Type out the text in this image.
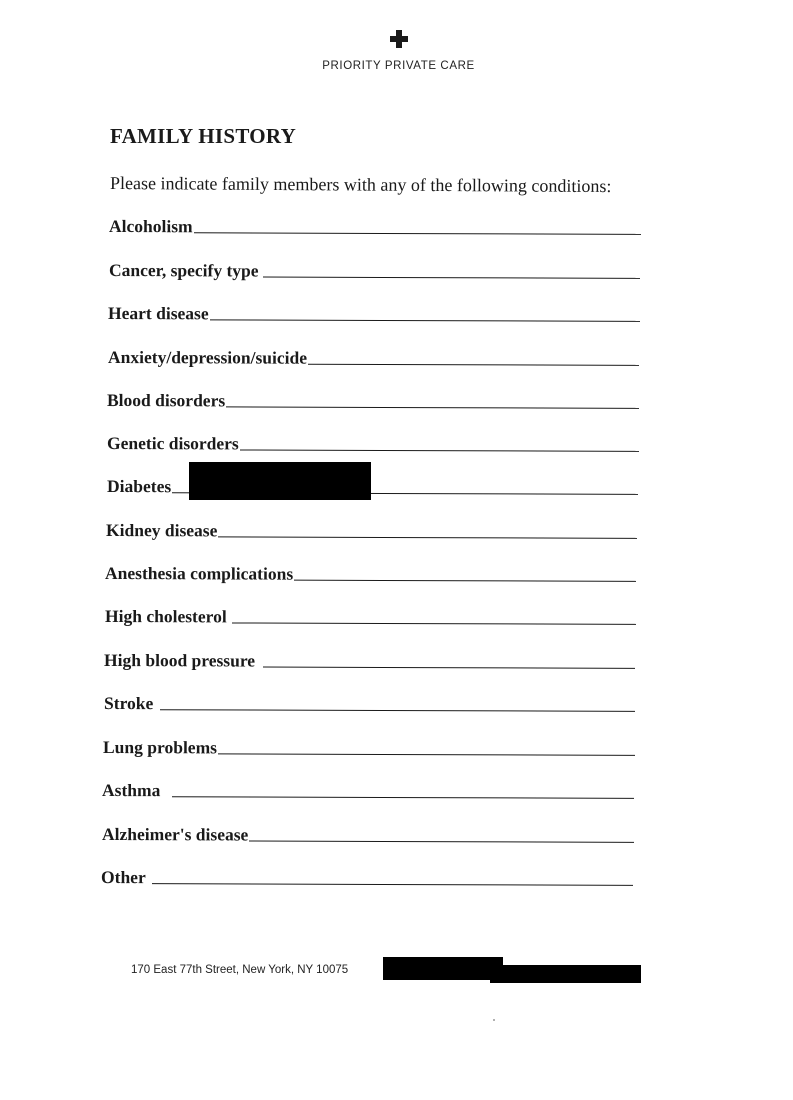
PRIORITY PRIVATE CARE
FAMILY HISTORY
Please indicate family members with any of the following conditions:
Alcoholism
Cancer, specify type
Heart disease
Anxiety/depression/suicide
Blood disorders
Genetic disorders
Diabetes
Kidney disease
Anesthesia complications
High cholesterol
High blood pressure
Stroke
Lung problems
Asthma
Alzheimer's disease
Other
170 East 77th Street, New York, NY 10075
